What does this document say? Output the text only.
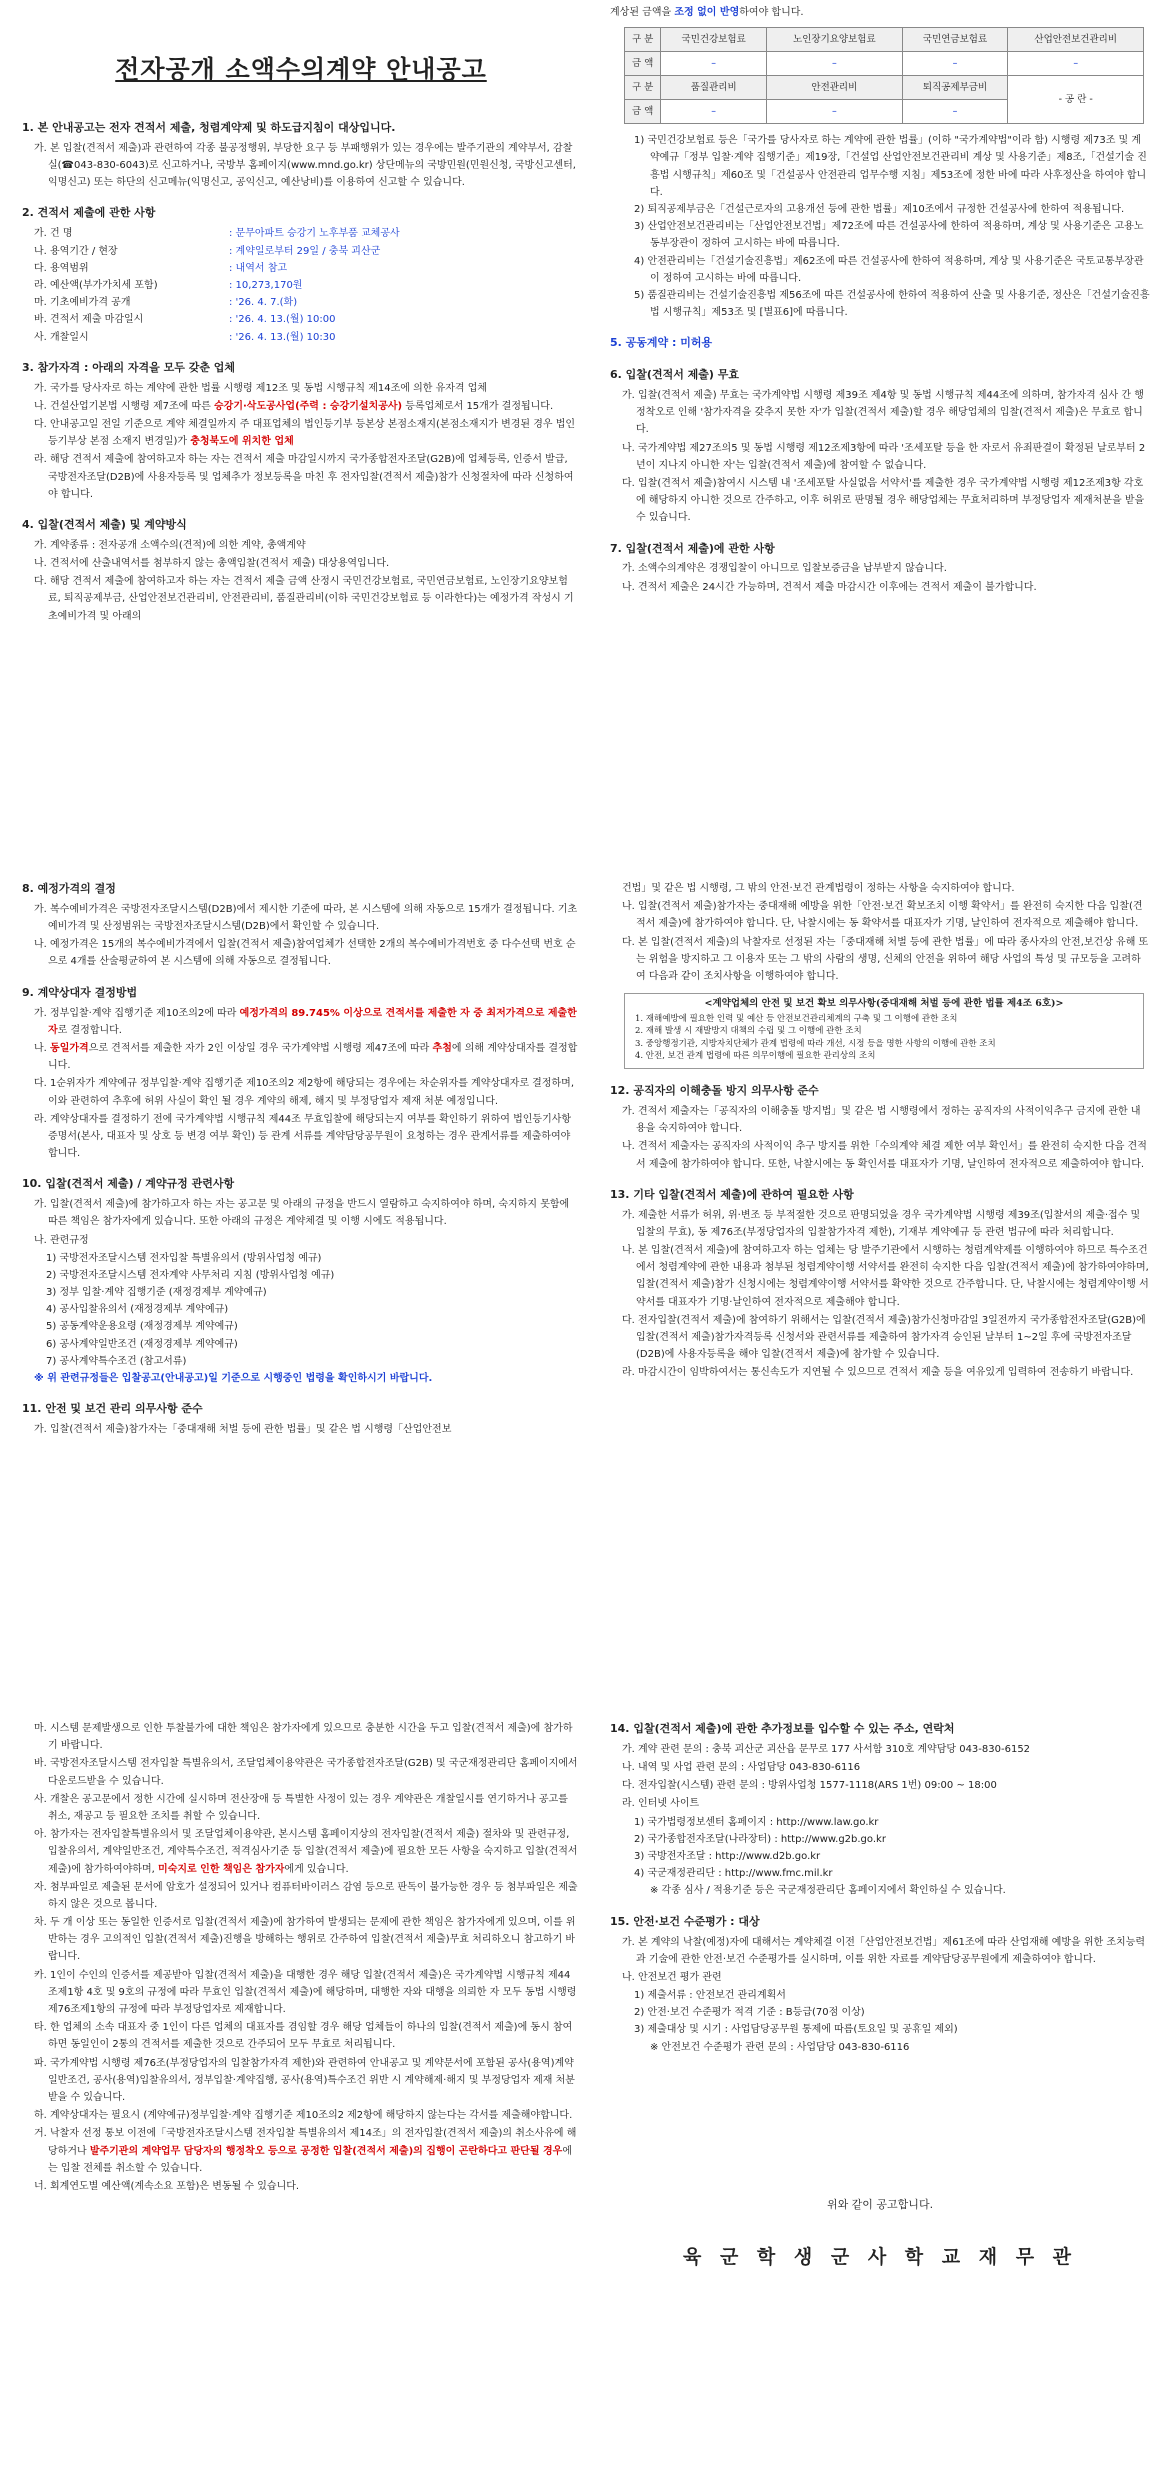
전자공개 소액수의계약 안내공고
1. 본 안내공고는 전자 견적서 제출, 청렴계약제 및 하도급지침이 대상입니다.

가. 본 입찰(견적서 제출)과 관련하여 각종 불공정행위, 부당한 요구 등 부패행위가 있는 경우에는 발주기관의 계약부서, 감찰실(☎043-830-6043)로 신고하거나, 국방부 홈페이지(www.mnd.go.kr) 상단메뉴의 국방민원(민원신청, 국방신고센터, 익명신고) 또는 하단의 신고메뉴(익명신고, 공익신고, 예산낭비)를 이용하여 신고할 수 있습니다.

2. 견적서 제출에 관한 사항
가. 건 명	: 문무아파트 승강기 노후부품 교체공사
나. 용역기간 / 현장	: 계약일로부터 29일 / 충북 괴산군
다. 용역범위	: 내역서 참고
라. 예산액(부가가치세 포함)	: 10,273,170원
마. 기초예비가격 공개	: '26. 4. 7.(화)
바. 견적서 제출 마감일시	: '26. 4. 13.(월) 10:00
사. 개찰일시	: '26. 4. 13.(월) 10:30
3. 참가자격 : 아래의 자격을 모두 갖춘 업체

가. 국가를 당사자로 하는 계약에 관한 법률 시행령 제12조 및 동법 시행규칙 제14조에 의한 유자격 업체

나. 건설산업기본법 시행령 제7조에 따른 승강기·삭도공사업(주력 : 승강기설치공사) 등록업체로서 15개가 결정됩니다.

다. 안내공고일 전일 기준으로 계약 체결일까지 주 대표업체의 법인등기부 등본상 본점소재지(본점소재지가 변경된 경우 법인등기부상 본점 소재지 변경일)가 충청북도에 위치한 업체

라. 해당 견적서 제출에 참여하고자 하는 자는 견적서 제출 마감일시까지 국가종합전자조달(G2B)에 업체등록, 인증서 발급, 국방전자조달(D2B)에 사용자등록 및 업체추가 정보등록을 마친 후 전자입찰(견적서 제출)참가 신청절차에 따라 신청하여야 합니다.

4. 입찰(견적서 제출) 및 계약방식

가. 계약종류 : 전자공개 소액수의(견적)에 의한 계약, 총액계약

나. 견적서에 산출내역서를 첨부하지 않는 총액입찰(견적서 제출) 대상용역입니다.

다. 해당 견적서 제출에 참여하고자 하는 자는 견적서 제출 금액 산정시 국민건강보험료, 국민연금보험료, 노인장기요양보험료, 퇴직공제부금, 산업안전보건관리비, 안전관리비, 품질관리비(이하 국민건강보험료 등 이라한다)는 예정가격 작성시 기초예비가격 및 아래의

계상된 금액을 조정 없이 반영하여야 합니다.

구 분	국민건강보험료	노인장기요양보험료	국민연금보험료	산업안전보건관리비
금 액	–	–	–	–
구 분	품질관리비	안전관리비	퇴직공제부금비	- 공 란 -
금 액	–	–	–	

1) 국민건강보험료 등은「국가를 당사자로 하는 계약에 관한 법률」(이하 "국가계약법"이라 함) 시행령 제73조 및 계약예규「정부 입찰·계약 집행기준」제19장,「건설업 산업안전보건관리비 계상 및 사용기준」제8조,「건설기술 진흥법 시행규칙」제60조 및「건설공사 안전관리 업무수행 지침」제53조에 정한 바에 따라 사후정산을 하여야 합니다.

2) 퇴직공제부금은「건설근로자의 고용개선 등에 관한 법률」제10조에서 규정한 건설공사에 한하여 적용됩니다.

3) 산업안전보건관리비는「산업안전보건법」제72조에 따른 건설공사에 한하여 적용하며, 계상 및 사용기준은 고용노동부장관이 정하여 고시하는 바에 따릅니다.

4) 안전관리비는「건설기술진흥법」제62조에 따른 건설공사에 한하여 적용하며, 계상 및 사용기준은 국토교통부장관이 정하여 고시하는 바에 따릅니다.

5) 품질관리비는 건설기술진흥법 제56조에 따른 건설공사에 한하여 적용하여 산출 및 사용기준, 정산은「건설기술진흥법 시행규칙」제53조 및 [별표6]에 따릅니다.

5. 공동계약 : 미허용
6. 입찰(견적서 제출) 무효

가. 입찰(견적서 제출) 무효는 국가계약법 시행령 제39조 제4항 및 동법 시행규칙 제44조에 의하며, 참가자격 심사 간 행정착오로 인해 '참가자격을 갖추지 못한 자'가 입찰(견적서 제출)할 경우 해당업체의 입찰(견적서 제출)은 무효로 합니다.

나. 국가계약법 제27조의5 및 동법 시행령 제12조제3항에 따라 '조세포탈 등을 한 자로서 유죄판결이 확정된 날로부터 2년이 지나지 아니한 자'는 입찰(견적서 제출)에 참여할 수 없습니다.

다. 입찰(견적서 제출)참여시 시스템 내 '조세포탈 사실없음 서약서'를 제출한 경우 국가계약법 시행령 제12조제3항 각호에 해당하지 아니한 것으로 간주하고, 이후 허위로 판명될 경우 해당업체는 무효처리하며 부정당업자 제재처분을 받을 수 있습니다.

7. 입찰(견적서 제출)에 관한 사항

가. 소액수의계약은 경쟁입찰이 아니므로 입찰보증금을 납부받지 않습니다.

나. 견적서 제출은 24시간 가능하며, 견적서 제출 마감시간 이후에는 견적서 제출이 불가합니다.

8. 예정가격의 결정

가. 복수예비가격은 국방전자조달시스템(D2B)에서 제시한 기준에 따라, 본 시스템에 의해 자동으로 15개가 결정됩니다. 기초예비가격 및 산정범위는 국방전자조달시스템(D2B)에서 확인할 수 있습니다.

나. 예정가격은 15개의 복수예비가격에서 입찰(견적서 제출)참여업체가 선택한 2개의 복수예비가격번호 중 다수선택 번호 순으로 4개를 산술평균하여 본 시스템에 의해 자동으로 결정됩니다.

9. 계약상대자 결정방법

가. 정부입찰·계약 집행기준 제10조의2에 따라 예정가격의 89.745% 이상으로 견적서를 제출한 자 중 최저가격으로 제출한 자로 결정합니다.

나. 동일가격으로 견적서를 제출한 자가 2인 이상일 경우 국가계약법 시행령 제47조에 따라 추첨에 의해 계약상대자를 결정합니다.

다. 1순위자가 계약예규 정부입찰·계약 집행기준 제10조의2 제2항에 해당되는 경우에는 차순위자를 계약상대자로 결정하며, 이와 관련하여 추후에 허위 사실이 확인 될 경우 계약의 해제, 해지 및 부정당업자 제재 처분 예정입니다.

라. 계약상대자를 결정하기 전에 국가계약법 시행규칙 제44조 무효입찰에 해당되는지 여부를 확인하기 위하여 법인등기사항증명서(본사, 대표자 및 상호 등 변경 여부 확인) 등 관계 서류를 계약담당공무원이 요청하는 경우 관계서류를 제출하여야 합니다.

10. 입찰(견적서 제출) / 계약규정 관련사항

가. 입찰(견적서 제출)에 참가하고자 하는 자는 공고문 및 아래의 규정을 반드시 열람하고 숙지하여야 하며, 숙지하지 못함에 따른 책임은 참가자에게 있습니다. 또한 아래의 규정은 계약체결 및 이행 시에도 적용됩니다.

나. 관련규정

1) 국방전자조달시스템 전자입찰 특별유의서 (방위사업청 예규)

2) 국방전자조달시스템 전자계약 사무처리 지침 (방위사업청 예규)

3) 정부 입찰·계약 집행기준 (재정경제부 계약예규)

4) 공사입찰유의서 (재정경제부 계약예규)

5) 공동계약운용요령 (재정경제부 계약예규)

6) 공사계약일반조건 (재정경제부 계약예규)

7) 공사계약특수조건 (참고서류)

※ 위 관련규정들은 입찰공고(안내공고)일 기준으로 시행중인 법령을 확인하시기 바랍니다.

11. 안전 및 보건 관리 의무사항 준수

가. 입찰(견적서 제출)참가자는「중대재해 처벌 등에 관한 법률」및 같은 법 시행령「산업안전보

건법」및 같은 법 시행령, 그 밖의 안전·보건 관계법령이 정하는 사항을 숙지하여야 합니다.

나. 입찰(견적서 제출)참가자는 중대재해 예방을 위한「안전·보건 확보조치 이행 확약서」를 완전히 숙지한 다음 입찰(견적서 제출)에 참가하여야 합니다. 단, 낙찰시에는 동 확약서를 대표자가 기명, 날인하여 전자적으로 제출해야 합니다.

다. 본 입찰(견적서 제출)의 낙찰자로 선정된 자는「중대재해 처벌 등에 관한 법률」에 따라 종사자의 안전,보건상 유해 또는 위험을 방지하고 그 이용자 또는 그 밖의 사람의 생명, 신체의 안전을 위하여 해당 사업의 특성 및 규모등을 고려하여 다음과 같이 조치사항을 이행하여야 합니다.

<계약업체의 안전 및 보건 확보 의무사항(중대재해 처벌 등에 관한 법률 제4조 6호)>
1. 재해예방에 필요한 인력 및 예산 등 안전보건관리체계의 구축 및 그 이행에 관한 조치
2. 재해 발생 시 재발방지 대책의 수립 및 그 이행에 관한 조치
3. 중앙행정기관, 지방자치단체가 관계 법령에 따라 개선, 시정 등을 명한 사항의 이행에 관한 조치
4. 안전, 보건 관계 법령에 따른 의무이행에 필요한 관리상의 조치
12. 공직자의 이해충돌 방지 의무사항 준수

가. 견적서 제출자는「공직자의 이해충돌 방지법」및 같은 법 시행령에서 정하는 공직자의 사적이익추구 금지에 관한 내용을 숙지하여야 합니다.

나. 견적서 제출자는 공직자의 사적이익 추구 방지를 위한「수의계약 체결 제한 여부 확인서」를 완전히 숙지한 다음 견적서 제출에 참가하여야 합니다. 또한, 낙찰시에는 동 확인서를 대표자가 기명, 날인하여 전자적으로 제출하여야 합니다.

13. 기타 입찰(견적서 제출)에 관하여 필요한 사항

가. 제출한 서류가 허위, 위·변조 등 부적절한 것으로 판명되었을 경우 국가계약법 시행령 제39조(입찰서의 제출·접수 및 입찰의 무효), 동 제76조(부정당업자의 입찰참가자격 제한), 기재부 계약예규 등 관련 법규에 따라 처리합니다.

나. 본 입찰(견적서 제출)에 참여하고자 하는 업체는 당 발주기관에서 시행하는 청렴계약제를 이행하여야 하므로 특수조건에서 청렴계약에 관한 내용과 첨부된 청렴계약이행 서약서를 완전히 숙지한 다음 입찰(견적서 제출)에 참가하여야하며, 입찰(견적서 제출)참가 신청시에는 청렴계약이행 서약서를 확약한 것으로 간주합니다. 단, 낙찰시에는 청렴계약이행 서약서를 대표자가 기명·날인하여 전자적으로 제출해야 합니다.

다. 전자입찰(견적서 제출)에 참여하기 위해서는 입찰(견적서 제출)참가신청마감일 3일전까지 국가종합전자조달(G2B)에 입찰(견적서 제출)참가자격등록 신청서와 관련서류를 제출하여 참가자격 승인된 날부터 1~2일 후에 국방전자조달(D2B)에 사용자등록을 해야 입찰(견적서 제출)에 참가할 수 있습니다.

라. 마감시간이 임박하여서는 통신속도가 지연될 수 있으므로 견적서 제출 등을 여유있게 입력하여 전송하기 바랍니다.

마. 시스템 문제발생으로 인한 투찰불가에 대한 책임은 참가자에게 있으므로 충분한 시간을 두고 입찰(견적서 제출)에 참가하기 바랍니다.

바. 국방전자조달시스템 전자입찰 특별유의서, 조달업체이용약관은 국가종합전자조달(G2B) 및 국군재정관리단 홈페이지에서 다운로드받을 수 있습니다.

사. 개찰은 공고문에서 정한 시간에 실시하며 전산장애 등 특별한 사정이 있는 경우 계약관은 개찰일시를 연기하거나 공고를 취소, 재공고 등 필요한 조치를 취할 수 있습니다.

아. 참가자는 전자입찰특별유의서 및 조달업체이용약관, 본시스템 홈페이지상의 전자입찰(견적서 제출) 절차와 및 관련규정, 입찰유의서, 계약일반조건, 계약특수조건, 적격심사기준 등 입찰(견적서 제출)에 필요한 모든 사항을 숙지하고 입찰(견적서 제출)에 참가하여야하며, 미숙지로 인한 책임은 참가자에게 있습니다.

자. 첨부파일로 제출된 문서에 암호가 설정되어 있거나 컴퓨터바이러스 감염 등으로 판독이 불가능한 경우 등 첨부파일은 제출하지 않은 것으로 봅니다.

차. 두 개 이상 또는 동일한 인증서로 입찰(견적서 제출)에 참가하여 발생되는 문제에 관한 책임은 참가자에게 있으며, 이를 위반하는 경우 고의적인 입찰(견적서 제출)진행을 방해하는 행위로 간주하여 입찰(견적서 제출)무효 처리하오니 참고하기 바랍니다.

카. 1인이 수인의 인증서를 제공받아 입찰(견적서 제출)을 대행한 경우 해당 입찰(견적서 제출)은 국가계약법 시행규칙 제44조제1항 4호 및 9호의 규정에 따라 무효인 입찰(견적서 제출)에 해당하며, 대행한 자와 대행을 의뢰한 자 모두 동법 시행령 제76조제1항의 규정에 따라 부정당업자로 제재합니다.

타. 한 업체의 소속 대표자 중 1인이 다른 업체의 대표자를 겸임할 경우 해당 업체들이 하나의 입찰(견적서 제출)에 동시 참여하면 동일인이 2통의 견적서를 제출한 것으로 간주되어 모두 무효로 처리됩니다.

파. 국가계약법 시행령 제76조(부정당업자의 입찰참가자격 제한)와 관련하여 안내공고 및 계약문서에 포함된 공사(용역)계약일반조건, 공사(용역)입찰유의서, 정부입찰·계약집행, 공사(용역)특수조건 위반 시 계약해제·해지 및 부정당업자 제재 처분 받을 수 있습니다.

하. 계약상대자는 필요시 (계약예규)정부입찰·계약 집행기준 제10조의2 제2항에 해당하지 않는다는 각서를 제출해야합니다.

거. 낙찰자 선정 통보 이전에「국방전자조달시스템 전자입찰 특별유의서 제14조」의 전자입찰(견적서 제출)의 취소사유에 해당하거나 발주기관의 계약업무 담당자의 행정착오 등으로 공정한 입찰(견적서 제출)의 집행이 곤란하다고 판단될 경우에는 입찰 전체를 취소할 수 있습니다.

너. 회계연도별 예산액(계속소요 포함)은 변동될 수 있습니다.

14. 입찰(견적서 제출)에 관한 추가정보를 입수할 수 있는 주소, 연락처

가. 계약 관련 문의 : 충북 괴산군 괴산읍 문무로 177 사서함 310호 계약담당 043-830-6152

나. 내역 및 사업 관련 문의 : 사업담당 043-830-6116

다. 전자입찰(시스템) 관련 문의 : 방위사업청 1577-1118(ARS 1번) 09:00 ~ 18:00

라. 인터넷 사이트

1) 국가법령정보센터 홈페이지 : http://www.law.go.kr

2) 국가종합전자조달(나라장터) : http://www.g2b.go.kr

3) 국방전자조달 : http://www.d2b.go.kr

4) 국군재정관리단 : http://www.fmc.mil.kr

※ 각종 심사 / 적용기준 등은 국군재정관리단 홈페이지에서 확인하실 수 있습니다.

15. 안전·보건 수준평가 : 대상

가. 본 계약의 낙찰(예정)자에 대해서는 계약체결 이전「산업안전보건법」제61조에 따라 산업재해 예방을 위한 조치능력과 기술에 관한 안전·보건 수준평가를 실시하며, 이를 위한 자료를 계약담당공무원에게 제출하여야 합니다.

나. 안전보건 평가 관련

1) 제출서류 : 안전보건 관리계획서

2) 안전·보건 수준평가 적격 기준 : B등급(70점 이상)

3) 제출대상 및 시기 : 사업담당공무원 통제에 따름(토요일 및 공휴일 제외)

※ 안전보건 수준평가 관련 문의 : 사업담당 043-830-6116

위와 같이 공고합니다.

육 군 학 생 군 사 학 교 재 무 관
